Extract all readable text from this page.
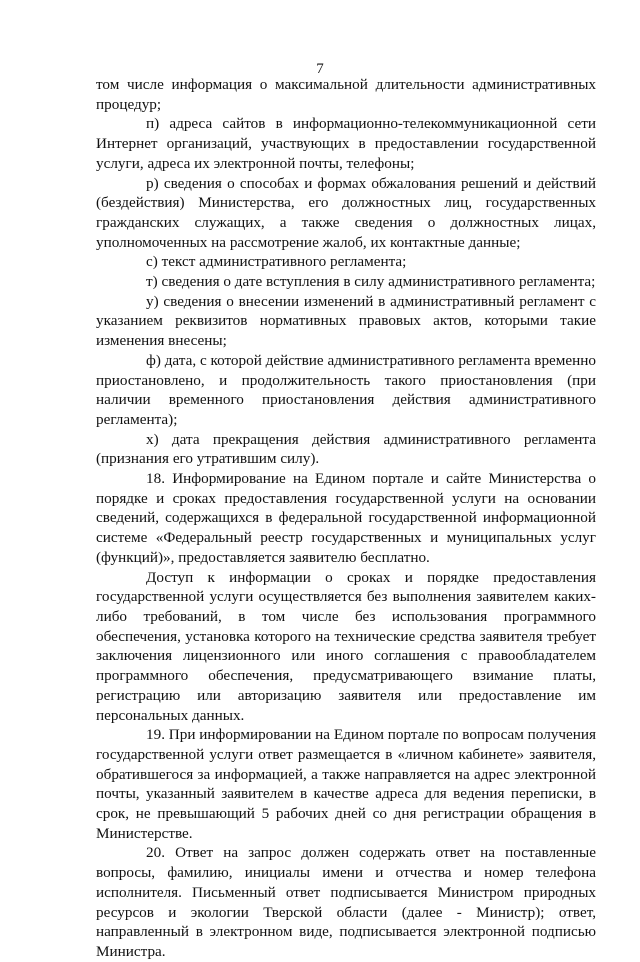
7

том числе информация о максимальной длительности административных процедур;

п) адреса сайтов в информационно-телекоммуникационной сети Интернет организаций, участвующих в предоставлении государственной услуги, адреса их электронной почты, телефоны;

р) сведения о способах и формах обжалования решений и действий (бездействия) Министерства, его должностных лиц, государственных гражданских служащих, а также сведения о должностных лицах, уполномоченных на рассмотрение жалоб, их контактные данные;

с) текст административного регламента;

т) сведения о дате вступления в силу административного регламента;

у) сведения о внесении изменений в административный регламент с указанием реквизитов нормативных правовых актов, которыми такие изменения внесены;

ф) дата, с которой действие административного регламента временно приостановлено, и продолжительность такого приостановления (при наличии временного приостановления действия административного регламента);

х) дата прекращения действия административного регламента (признания его утратившим силу).

18. Информирование на Едином портале и сайте Министерства о порядке и сроках предоставления государственной услуги на основании сведений, содержащихся в федеральной государственной информационной системе «Федеральный реестр государственных и муниципальных услуг (функций)», предоставляется заявителю бесплатно.

Доступ к информации о сроках и порядке предоставления государственной услуги осуществляется без выполнения заявителем каких-либо требований, в том числе без использования программного обеспечения, установка которого на технические средства заявителя требует заключения лицензионного или иного соглашения с правообладателем программного обеспечения, предусматривающего взимание платы, регистрацию или авторизацию заявителя или предоставление им персональных данных.

19. При информировании на Едином портале по вопросам получения государственной услуги ответ размещается в «личном кабинете» заявителя, обратившегося за информацией, а также направляется на адрес электронной почты, указанный заявителем в качестве адреса для ведения переписки, в срок, не превышающий 5 рабочих дней со дня регистрации обращения в Министерстве.

20. Ответ на запрос должен содержать ответ на поставленные вопросы, фамилию, инициалы имени и отчества и номер телефона исполнителя. Письменный ответ подписывается Министром природных ресурсов и экологии Тверской области (далее - Министр); ответ, направленный в электронном виде, подписывается электронной подписью Министра.
